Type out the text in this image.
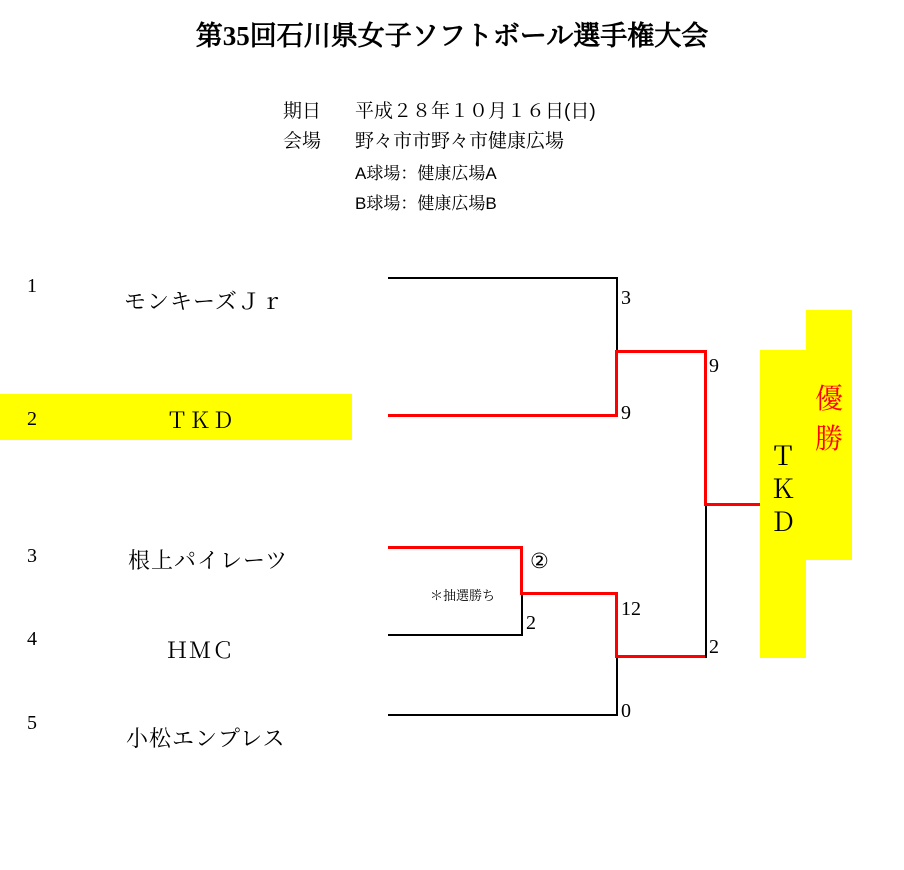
第35回石川県女子ソフトボール選手権大会
期日 平成２８年１０月１６日(日)
会場 野々市市野々市健康広場
A球場：健康広場A
B球場：健康広場B
1
2
3
4
5
モンキーズＪｒ
ＴＫＤ
根上パイレーツ
ＨＭＣ
小松エンプレス
3
9
2
9
12
0
2
＊抽選勝ち
②
優
勝
Ｔ
Ｋ
Ｄ
